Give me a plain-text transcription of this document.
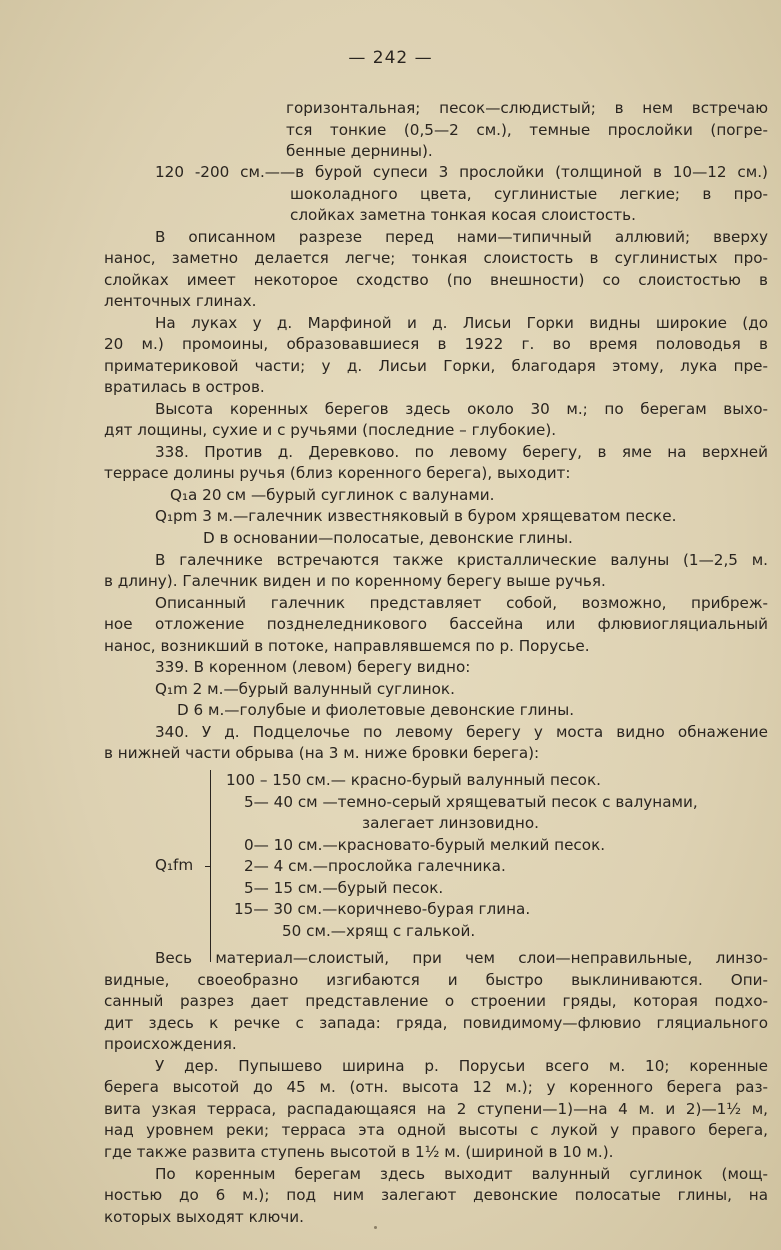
— 242 —
горизонтальная; песок—слюдистый; в нем встречаю
тся тонкие (0,5—2 см.), темные прослойки (погре-
бенные дернины).
120 -200 см.——в бурой супеси 3 прослойки (толщиной в 10—12 см.)
шоколадного цвета, суглинистые легкие; в про-
слойках заметна тонкая косая слоистость.
В описанном разрезе перед нами—типичный аллювий; вверху
нанос, заметно делается легче; тонкая слоистость в суглинистых про-
слойках имеет некоторое сходство (по внешности) со слоистостью в
ленточных глинах.
На луках у д. Марфиной и д. Лисьи Горки видны широкие (до
20 м.) промоины, образовавшиеся в 1922 г. во время половодья в
приматериковой части; у д. Лисьи Горки, благодаря этому, лука пре-
вратилась в остров.
Высота коренных берегов здесь около 30 м.; по берегам выхо-
дят лощины, сухие и с ручьями (последние – глубокие).
338. Против д. Деревково. по левому берегу, в яме на верхней
террасе долины ручья (близ коренного берега), выходит:
Q₁a 20 см —бурый суглинок с валунами.
Q₁pm 3 м.—галечник известняковый в буром хрящеватом песке.
D в основании—полосатые, девонские глины.
В галечнике встречаются также кристаллические валуны (1—2,5 м.
в длину). Галечник виден и по коренному берегу выше ручья.
Описанный галечник представляет собой, возможно, прибреж-
ное отложение позднеледникового бассейна или флювиогляциальный
нанос, возникший в потоке, направлявшемся по р. Порусье.
339. В коренном (левом) берегу видно:
Q₁m 2 м.—бурый валунный суглинок.
D 6 м.—голубые и фиолетовые девонские глины.
340. У д. Подцелочье по левому берегу у моста видно обнажение
в нижней части обрыва (на 3 м. ниже бровки берега):
Q₁fm
100 – 150 см.— красно-бурый валунный песок.
5— 40 см —темно-серый хрящеватый песок с валунами,
залегает линзовидно.
0— 10 см.—красновато-бурый мелкий песок.
2— 4 см.—прослойка галечника.
5— 15 см.—бурый песок.
15— 30 см.—коричнево-бурая глина.
50 см.—хрящ с галькой.
Весь материал—слоистый, при чем слои—неправильные, линзо-
видные, своеобразно изгибаются и быстро выклиниваются. Опи-
санный разрез дает представление о строении гряды, которая подхо-
дит здесь к речке с запада: гряда, повидимому—флювио гляциального
происхождения.
У дер. Пупышево ширина р. Порусьи всего м. 10; коренные
берега высотой до 45 м. (отн. высота 12 м.); у коренного берега раз-
вита узкая терраса, распадающаяся на 2 ступени—1)—на 4 м. и 2)—1½ м,
над уровнем реки; терраса эта одной высоты с лукой у правого берега,
где также развита ступень высотой в 1½ м. (шириной в 10 м.).
По коренным берегам здесь выходит валунный суглинок (мощ-
ностью до 6 м.); под ним залегают девонские полосатые глины, на
которых выходят ключи.
